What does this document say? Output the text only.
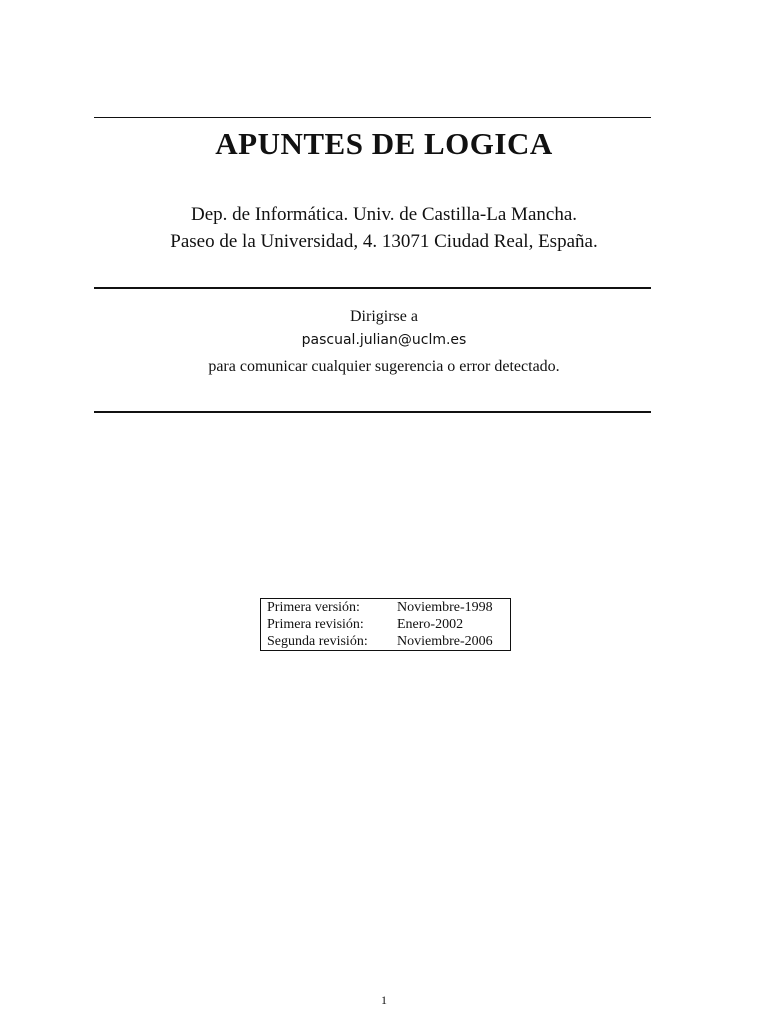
APUNTES DE LOGICA
Dep. de Informática. Univ. de Castilla-La Mancha.
Paseo de la Universidad, 4. 13071 Ciudad Real, España.
Dirigirse a
pascual.julian@uclm.es
para comunicar cualquier sugerencia o error detectado.
Primera versión:	Noviembre-1998
Primera revisión:	Enero-2002
Segunda revisión:	Noviembre-2006
1
